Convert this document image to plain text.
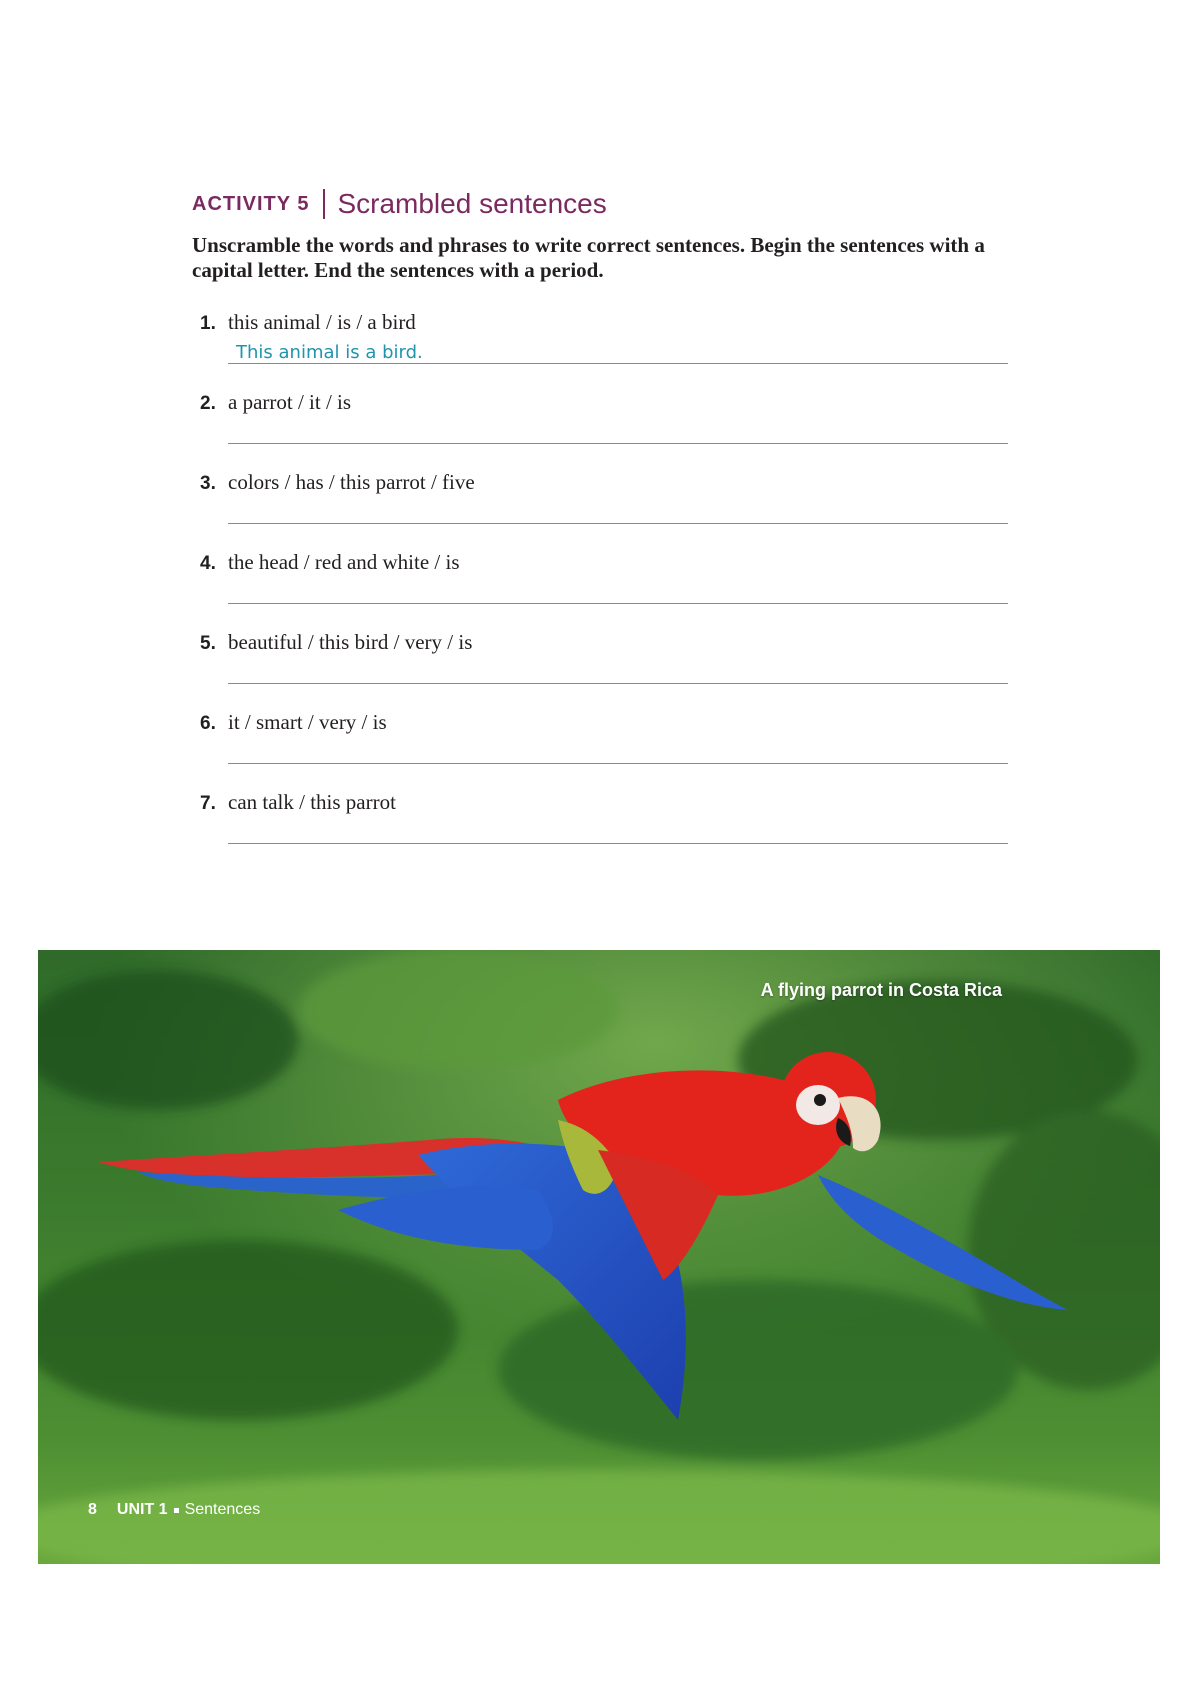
ACTIVITY 5 Scrambled sentences
Unscramble the words and phrases to write correct sentences. Begin the sentences with a capital letter. End the sentences with a period.
1. this animal / is / a bird
This animal is a bird.
2. a parrot / it / is
3. colors / has / this parrot / five
4. the head / red and white / is
5. beautiful / this bird / very / is
6. it / smart / very / is
7. can talk / this parrot
A flying parrot in Costa Rica
8 UNIT 1 Sentences
